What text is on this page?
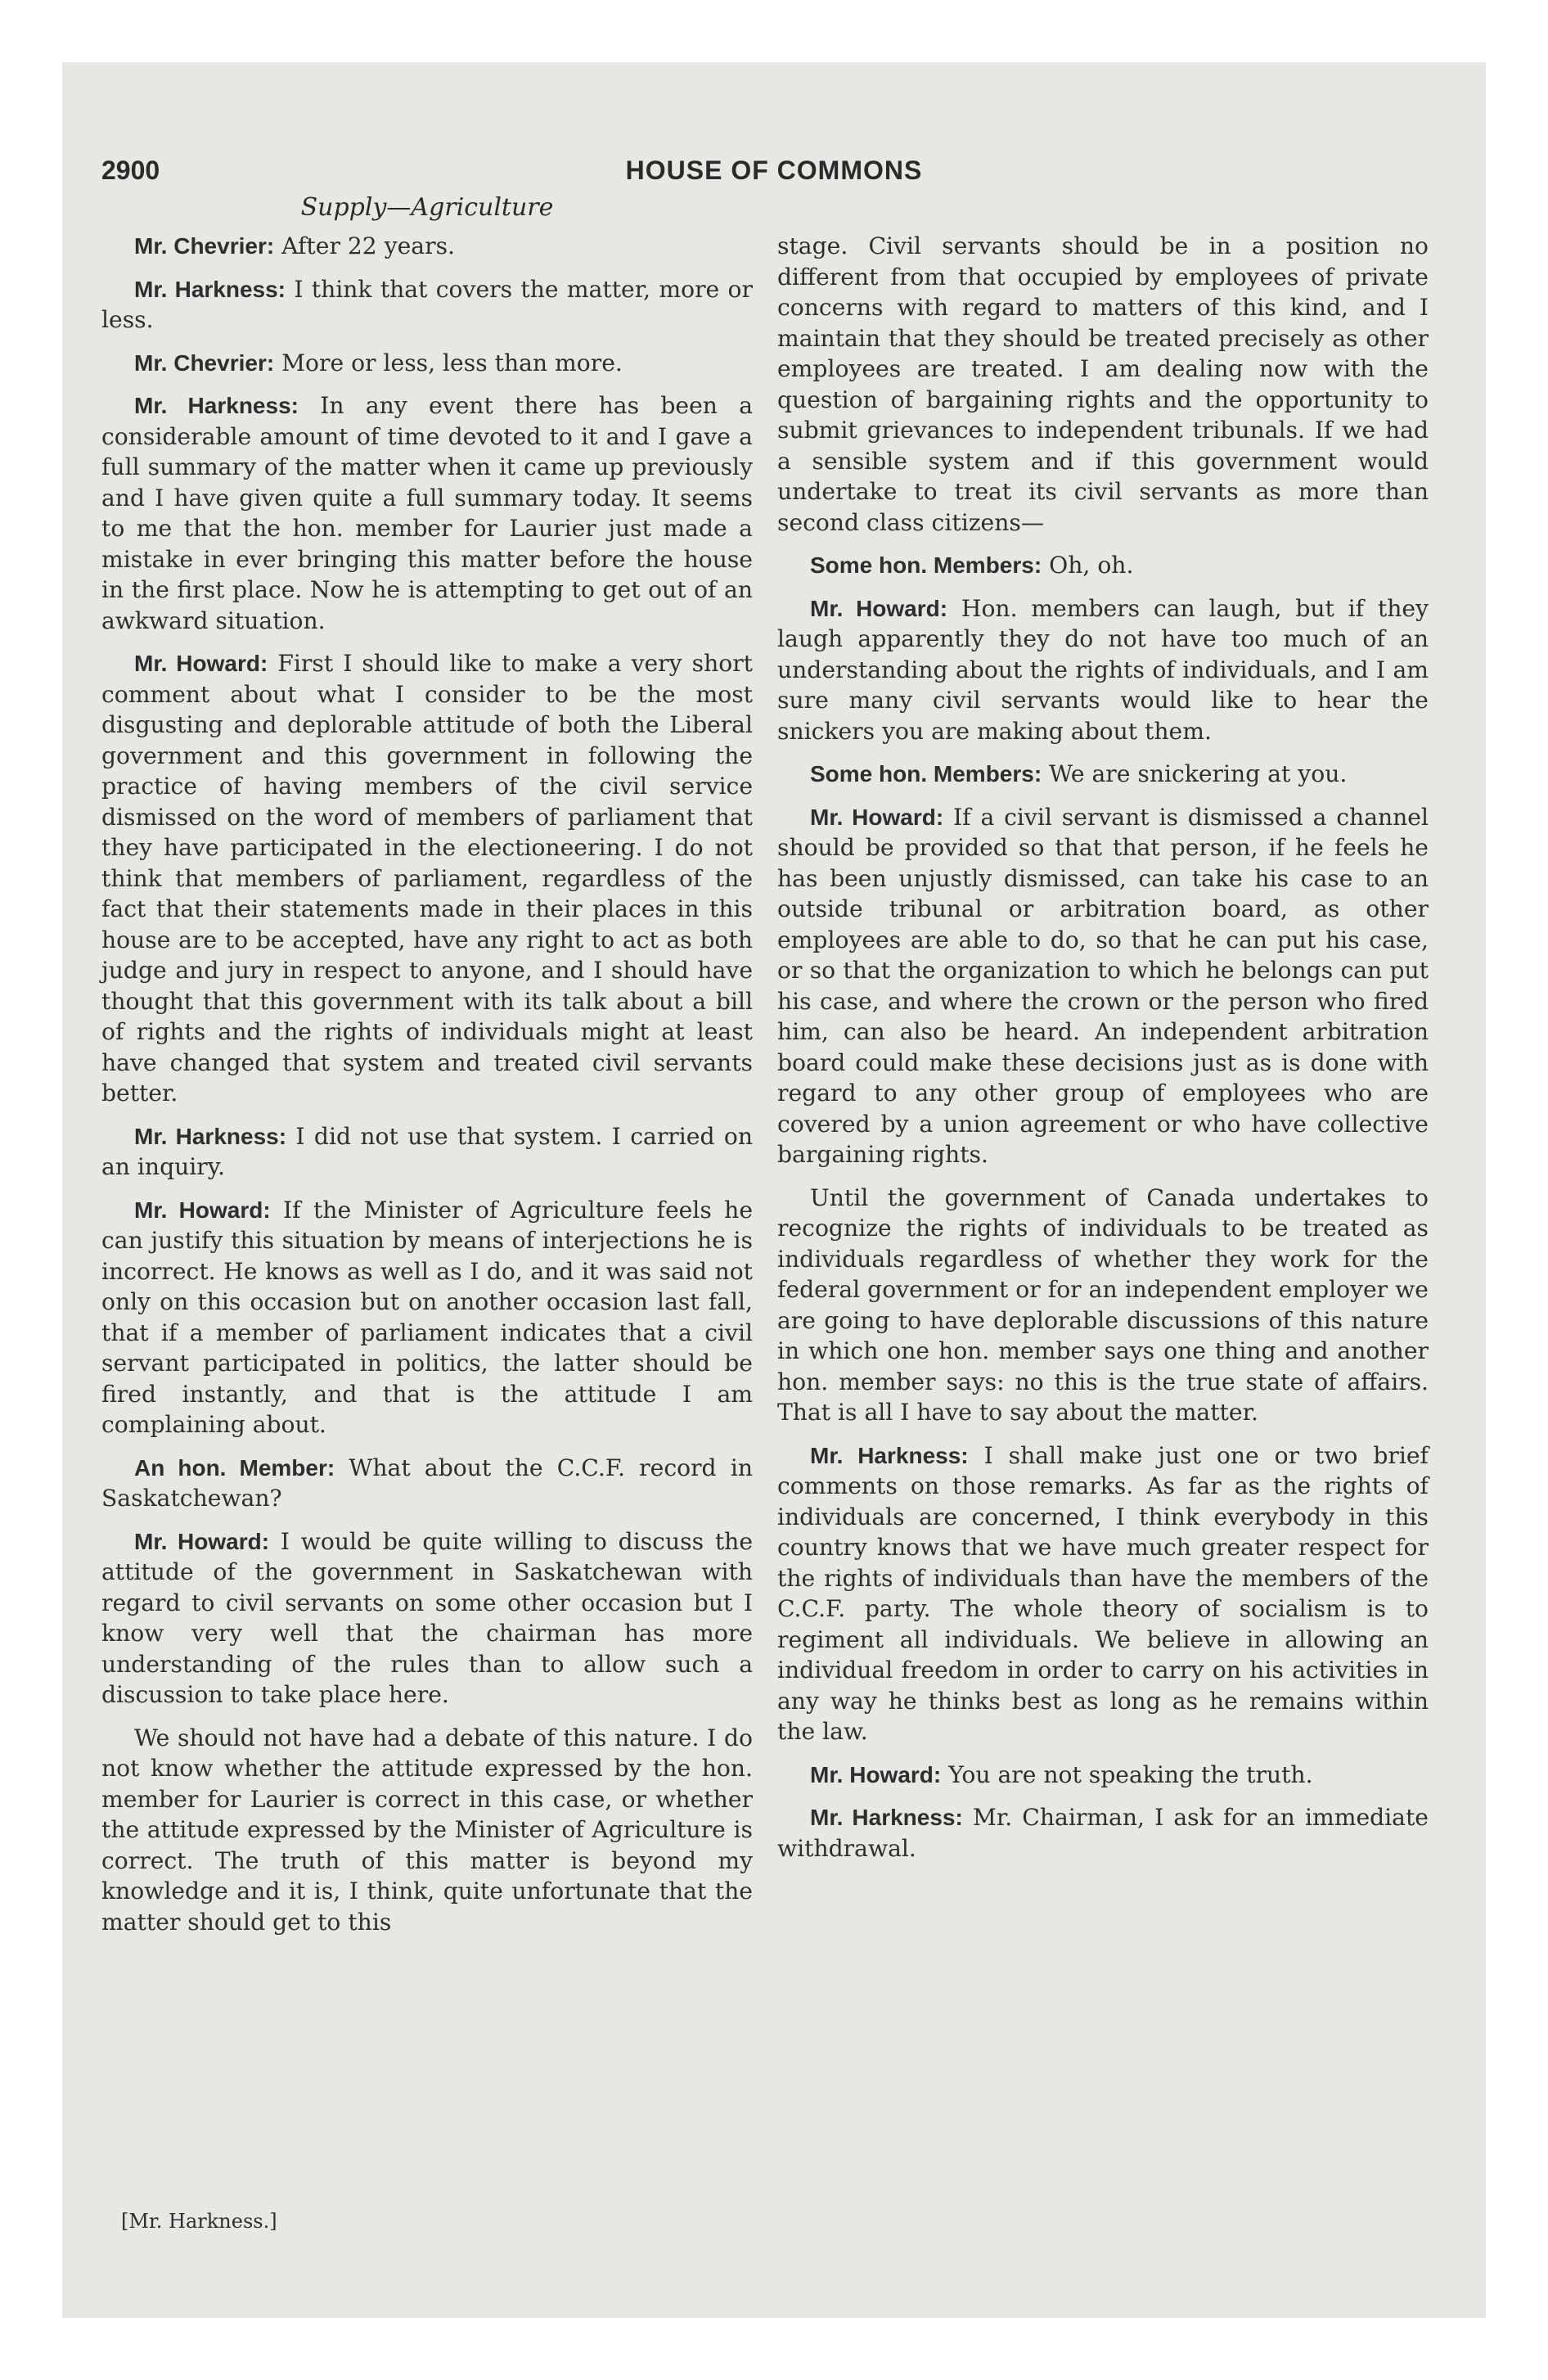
2900	HOUSE OF COMMONS
Supply—Agriculture

Mr. Chevrier: After 22 years.

Mr. Harkness: I think that covers the matter, more or less.

Mr. Chevrier: More or less, less than more.

Mr. Harkness: In any event there has been a considerable amount of time devoted to it and I gave a full summary of the matter when it came up previously and I have given quite a full summary today. It seems to me that the hon. member for Laurier just made a mistake in ever bringing this matter before the house in the first place. Now he is attempting to get out of an awkward situation.

Mr. Howard: First I should like to make a very short comment about what I consider to be the most disgusting and deplorable attitude of both the Liberal government and this government in following the practice of having members of the civil service dismissed on the word of members of parliament that they have participated in the electioneering. I do not think that members of parliament, regardless of the fact that their statements made in their places in this house are to be accepted, have any right to act as both judge and jury in respect to anyone, and I should have thought that this government with its talk about a bill of rights and the rights of individuals might at least have changed that system and treated civil servants better.

Mr. Harkness: I did not use that system. I carried on an inquiry.

Mr. Howard: If the Minister of Agriculture feels he can justify this situation by means of interjections he is incorrect. He knows as well as I do, and it was said not only on this occasion but on another occasion last fall, that if a member of parliament indicates that a civil servant participated in politics, the latter should be fired instantly, and that is the attitude I am complaining about.

An hon. Member: What about the C.C.F. record in Saskatchewan?

Mr. Howard: I would be quite willing to discuss the attitude of the government in Saskatchewan with regard to civil servants on some other occasion but I know very well that the chairman has more understanding of the rules than to allow such a discussion to take place here.

We should not have had a debate of this nature. I do not know whether the attitude expressed by the hon. member for Laurier is correct in this case, or whether the attitude expressed by the Minister of Agriculture is correct. The truth of this matter is beyond my knowledge and it is, I think, quite unfortunate that the matter should get to this

stage. Civil servants should be in a position no different from that occupied by employees of private concerns with regard to matters of this kind, and I maintain that they should be treated precisely as other employees are treated. I am dealing now with the question of bargaining rights and the opportunity to submit grievances to independent tribunals. If we had a sensible system and if this government would undertake to treat its civil servants as more than second class citizens—

Some hon. Members: Oh, oh.

Mr. Howard: Hon. members can laugh, but if they laugh apparently they do not have too much of an understanding about the rights of individuals, and I am sure many civil servants would like to hear the snickers you are making about them.

Some hon. Members: We are snickering at you.

Mr. Howard: If a civil servant is dismissed a channel should be provided so that that person, if he feels he has been unjustly dismissed, can take his case to an outside tribunal or arbitration board, as other employees are able to do, so that he can put his case, or so that the organization to which he belongs can put his case, and where the crown or the person who fired him, can also be heard. An independent arbitration board could make these decisions just as is done with regard to any other group of employees who are covered by a union agreement or who have collective bargaining rights.

Until the government of Canada undertakes to recognize the rights of individuals to be treated as individuals regardless of whether they work for the federal government or for an independent employer we are going to have deplorable discussions of this nature in which one hon. member says one thing and another hon. member says: no this is the true state of affairs. That is all I have to say about the matter.

Mr. Harkness: I shall make just one or two brief comments on those remarks. As far as the rights of individuals are concerned, I think everybody in this country knows that we have much greater respect for the rights of individuals than have the members of the C.C.F. party. The whole theory of socialism is to regiment all individuals. We believe in allowing an individual freedom in order to carry on his activities in any way he thinks best as long as he remains within the law.

Mr. Howard: You are not speaking the truth.

Mr. Harkness: Mr. Chairman, I ask for an immediate withdrawal.

[Mr. Harkness.]
